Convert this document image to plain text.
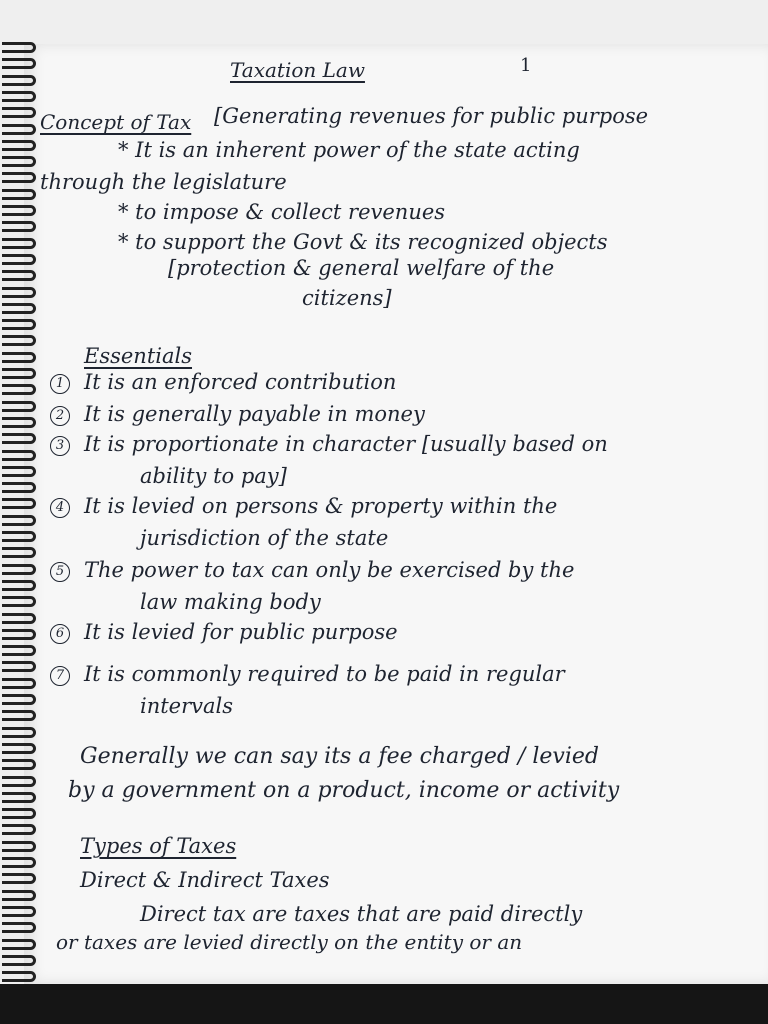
Taxation Law	1
Concept of Tax [Generating revenues for public purpose
* It is an inherent power of the state acting
through the legislature
* to impose & collect revenues
* to support the Govt & its recognized objects
[protection & general welfare of the
citizens]
Essentials
1 It is an enforced contribution
2 It is generally payable in money
3 It is proportionate in character [usually based on
ability to pay]
4 It is levied on persons & property within the
jurisdiction of the state
5 The power to tax can only be exercised by the
law making body
6 It is levied for public purpose
7 It is commonly required to be paid in regular
intervals
Generally we can say its a fee charged / levied
by a government on a product, income or activity
Types of Taxes
Direct & Indirect Taxes
Direct tax are taxes that are paid directly
or taxes are levied directly on the entity or an
